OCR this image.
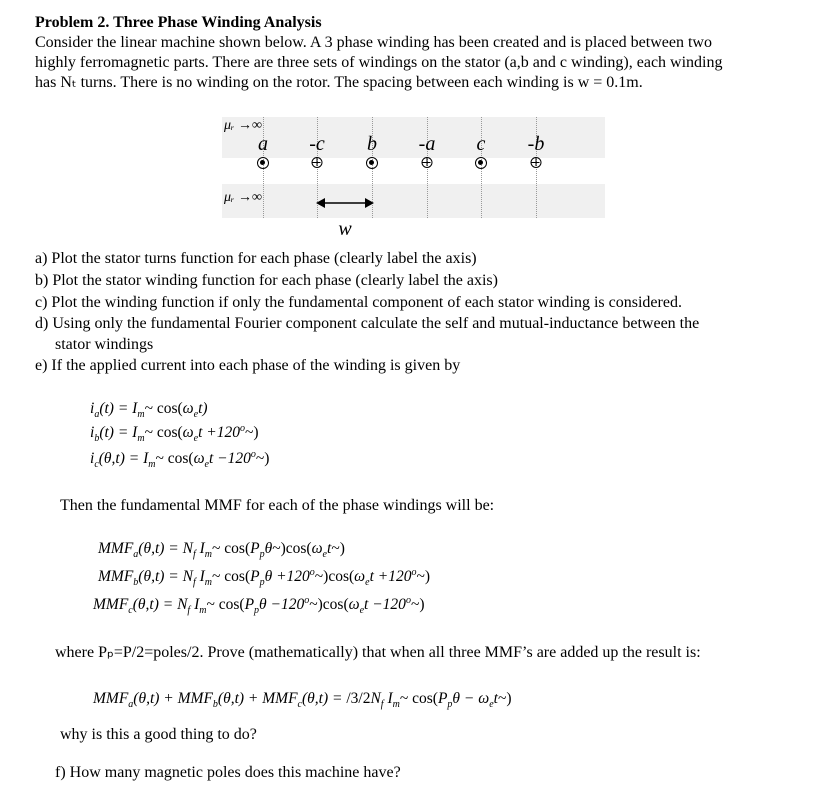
Problem 2. Three Phase Winding Analysis
Consider the linear machine shown below. A 3 phase winding has been created and is placed between two
highly ferromagnetic parts. There are three sets of windings on the stator (a,b and c winding), each winding
has Nₜ turns. There is no winding on the rotor. The spacing between each winding is w = 0.1m.
μᵣ →∞
μᵣ →∞
a -c b -a c -b
w
a) Plot the stator turns function for each phase (clearly label the axis)
b) Plot the stator winding function for each phase (clearly label the axis)
c) Plot the winding function if only the fundamental component of each stator winding is considered.
d) Using only the fundamental Fourier component calculate the self and mutual-inductance between the
stator windings
e) If the applied current into each phase of the winding is given by
$i_a(t)$ = $I_m\sim$ $\cos(\omega_et)$
$i_b(t)$ = $I_m\sim$ $\cos(\omega_et$ $+120^o\sim$)
$i_c(\theta,t)$ = $I_m\sim$ $\cos(\omega_et$ $-120^o\sim$)
Then the fundamental MMF for each of the phase windings will be:
$MMF_a(\theta,t) = N_f$ $I_m\sim$ $\cos(P_p\theta\sim)\cos(\omega_et\sim)$
$MMF_b(\theta,t) = N_f$ $I_m\sim$ $\cos(P_p\theta$ $+120^o\sim)\cos(\omega_et$ $+120^o\sim$)
$MMF_c(\theta,t) = N_f$ $I_m\sim$ $\cos(P_p\theta$ $-120^o\sim)\cos(\omega_et$ $-120^o\sim$)
where Pₚ=P/2=poles/2. Prove (mathematically) that when all three MMF’s are added up the result is:
$MMF_a(\theta,t) + MMF_b(\theta,t) + MMF_c(\theta,t) = /3/2N_f$ $I_m\sim$ $\cos(P_p\theta$ − $\omega_et\sim$)
why is this a good thing to do?
f) How many magnetic poles does this machine have?
